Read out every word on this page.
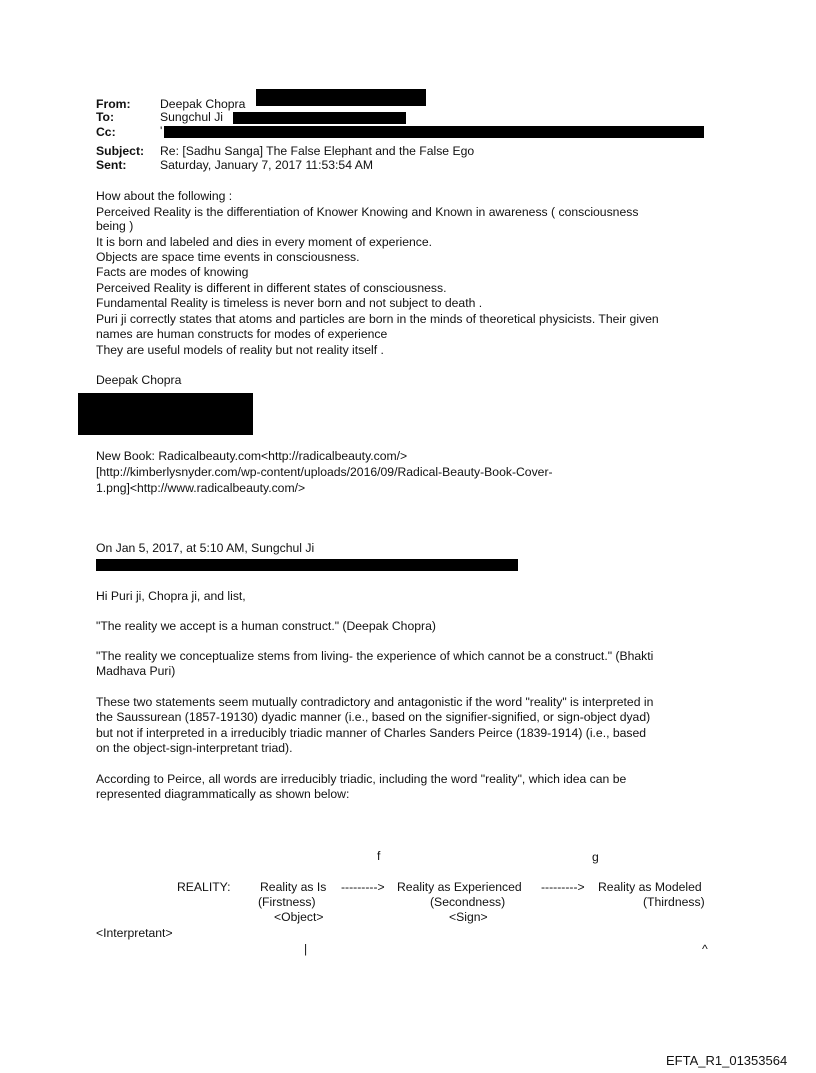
From: Deepak Chopra
To:	Sungchul Ji
Cc:	'
Subject: Re: [Sadhu Sanga] The False Elephant and the False Ego
Sent:	Saturday, January 7, 2017 11:53:54 AM
How about the following :
Perceived Reality is the differentiation of Knower Knowing and Known in awareness ( consciousness
being )
It is born and labeled and dies in every moment of experience.
Objects are space time events in consciousness.
Facts are modes of knowing
Perceived Reality is different in different states of consciousness.
Fundamental Reality is timeless is never born and not subject to death .
Puri ji correctly states that atoms and particles are born in the minds of theoretical physicists. Their given
names are human constructs for modes of experience
They are useful models of reality but not reality itself .
Deepak Chopra
New Book: Radicalbeauty.com<http://radicalbeauty.com/>
[http://kimberlysnyder.com/wp-content/uploads/2016/09/Radical-Beauty-Book-Cover-
1.png]<http://www.radicalbeauty.com/>
On Jan 5, 2017, at 5:10 AM, Sungchul Ji
Hi Puri ji, Chopra ji, and list,
"The reality we accept is a human construct." (Deepak Chopra)
"The reality we conceptualize stems from living- the experience of which cannot be a construct." (Bhakti
Madhava Puri)
These two statements seem mutually contradictory and antagonistic if the word "reality" is interpreted in
the Saussurean (1857-19130) dyadic manner (i.e., based on the signifier-signified, or sign-object dyad)
but not if interpreted in a irreducibly triadic manner of Charles Sanders Peirce (1839-1914) (i.e., based
on the object-sign-interpretant triad).
According to Peirce, all words are irreducibly triadic, including the word "reality", which idea can be
represented diagrammatically as shown below:
f	g
REALITY: Reality as Is ---------> Reality as Experienced ---------> Reality as Modeled
(Firstness)	(Secondness)	(Thirdness)
<Object>	<Sign>
<Interpretant>
|	^
EFTA_R1_01353564
